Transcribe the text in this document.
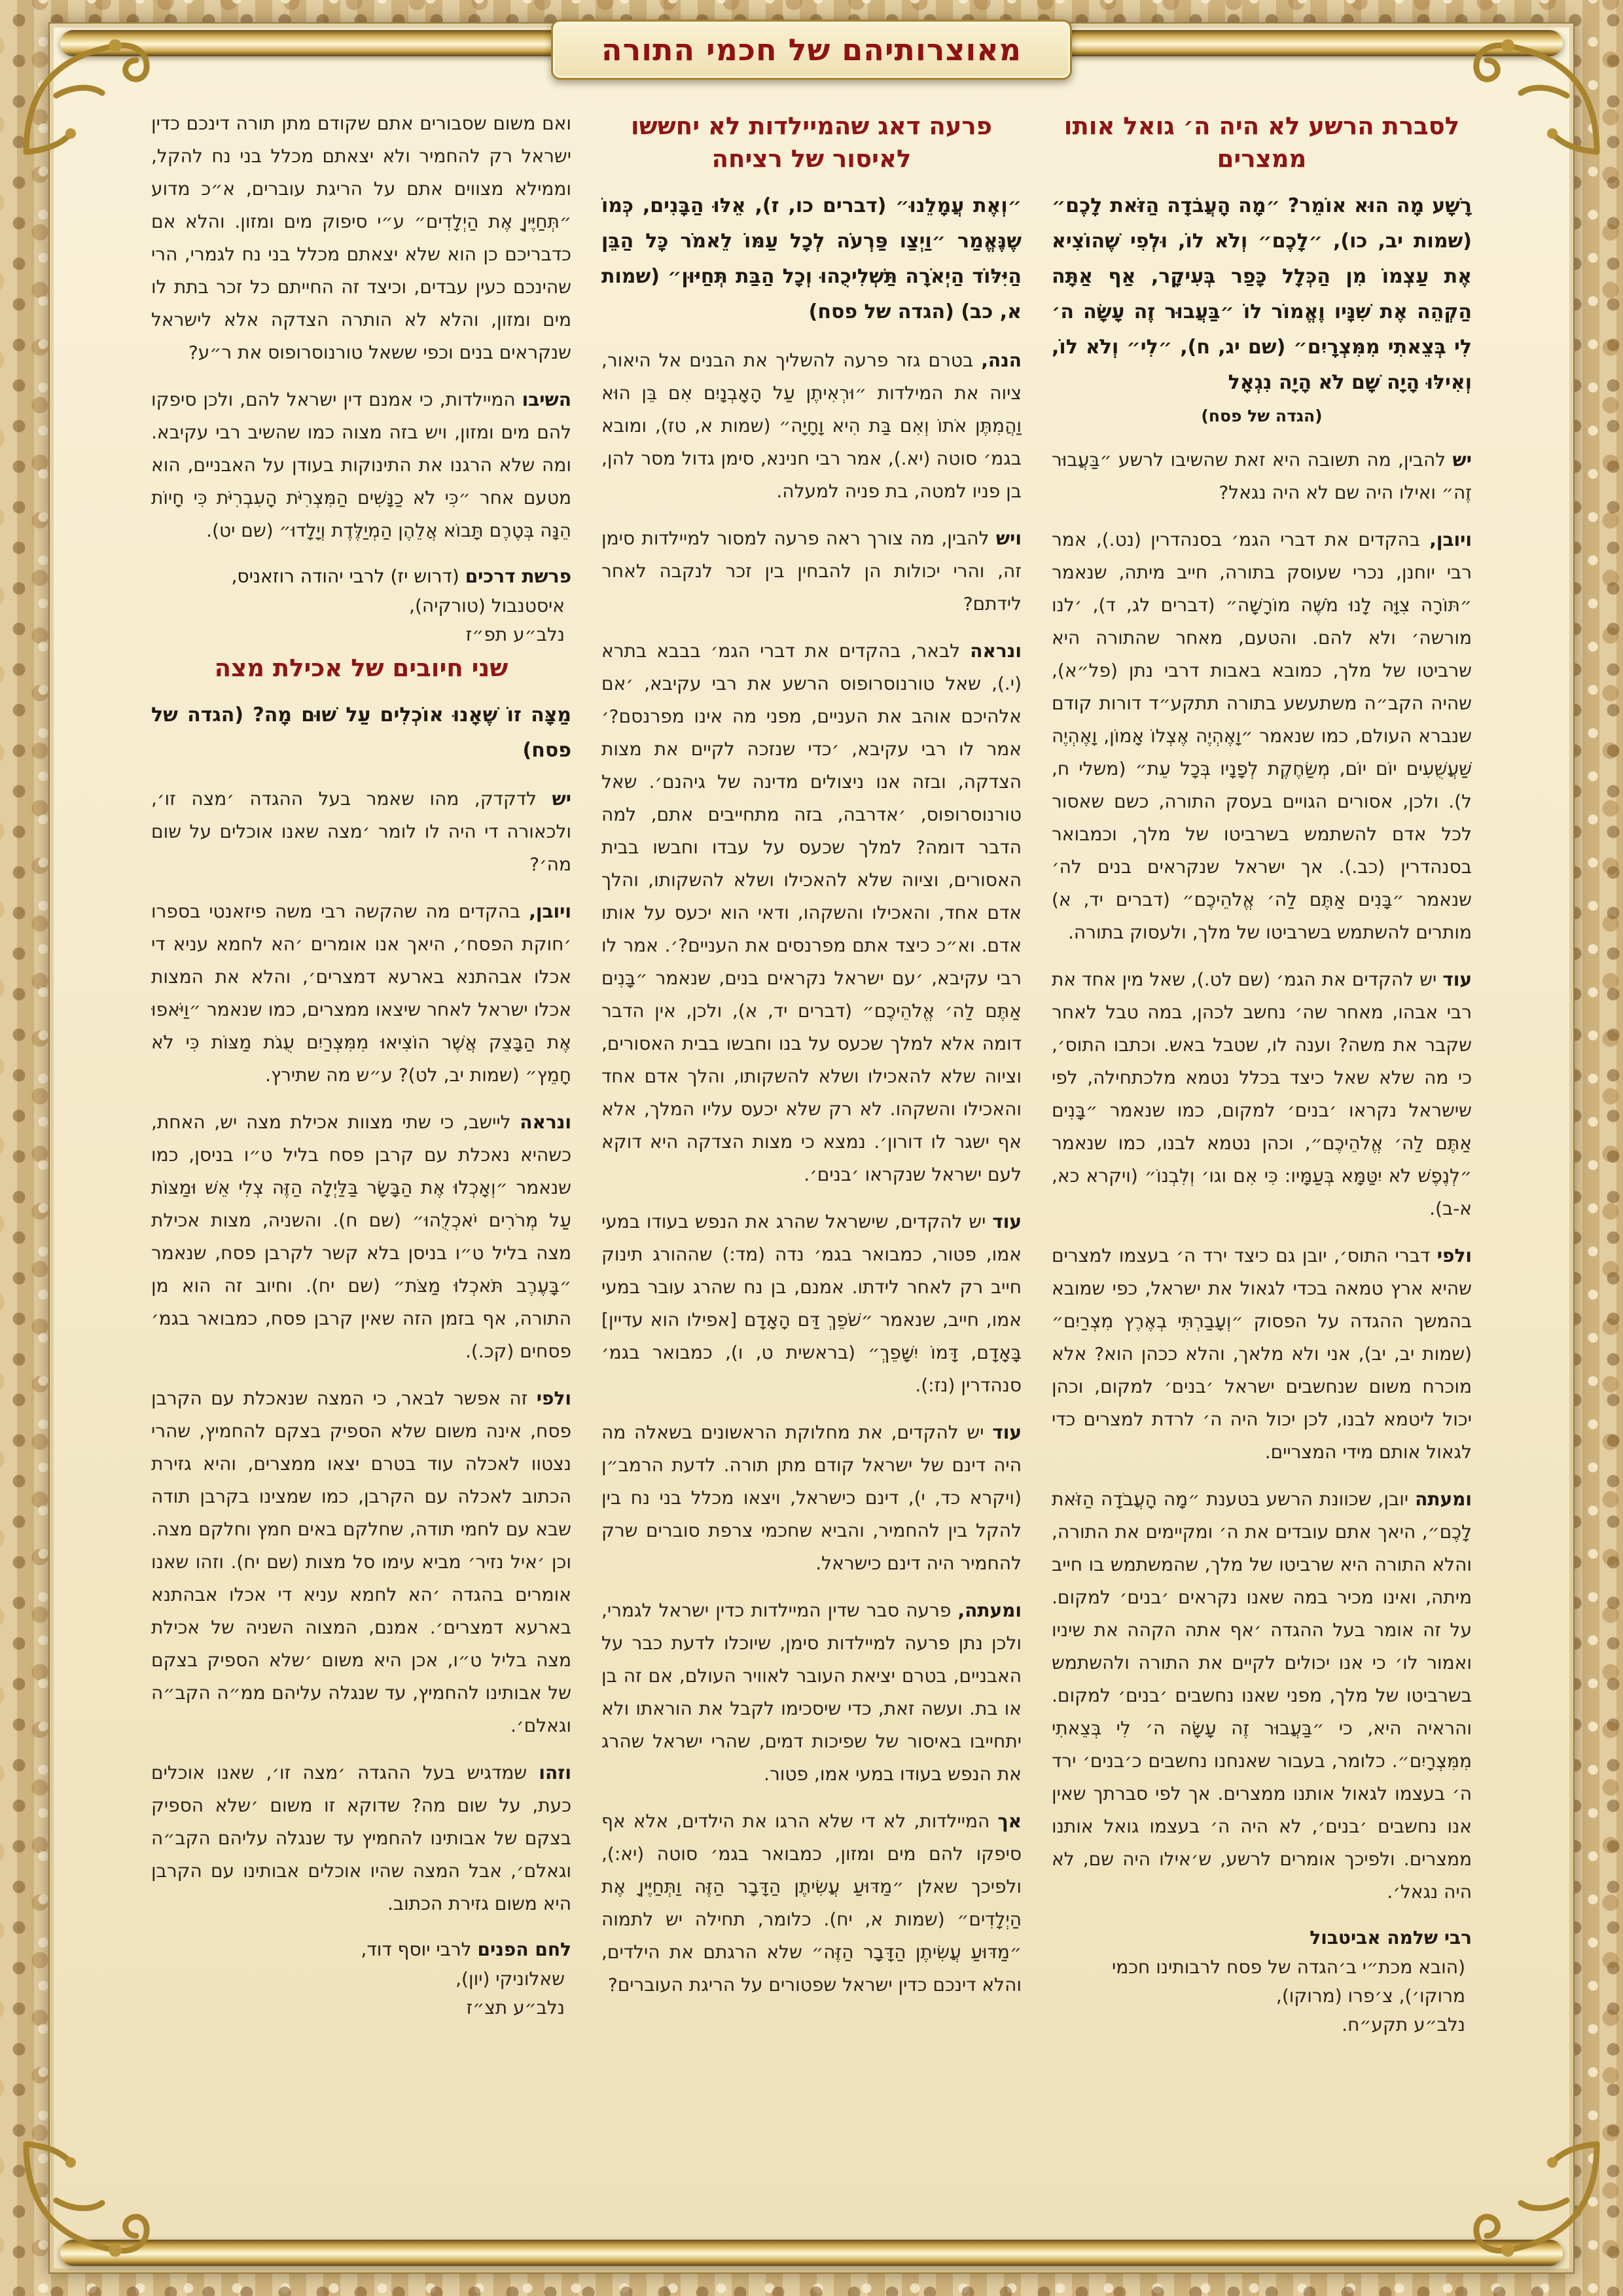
מאוצרותיהם של חכמי התורה
לסברת הרשע לא היה ה׳ גואל אותו ממצרים
רָשָׁע מָה הוּא אוֹמֵר? ״מָה הָעֲבֹדָה הַזֹּאת לָכֶם״ (שמות יב, כו), ״לָכֶם״ וְלֹא לוֹ, וּלְפִי שֶׁהוֹצִיא אֶת עַצְמוֹ מִן הַכְּלָל כָּפַר בְּעִיקָר, אַף אַתָּה הַקְהֵה אֶת שִׁנָּיו וֶאֱמוֹר לוֹ ״בַּעֲבוּר זֶה עָשָׂה ה׳ לִי בְּצֵאתִי מִמִּצְרָיִם״ (שם יג, ח), ״לִי״ וְלֹא לוֹ, וְאִילּוּ הָיָה שָׁם לֹא הָיָה נִגְאָל
(הגדה של פסח)
יש להבין, מה תשובה היא זאת שהשיבו לרשע ״בַּעֲבוּר זֶה״ ואילו היה שם לא היה נגאל?
ויובן, בהקדים את דברי הגמ׳ בסנהדרין (נט.), אמר רבי יוחנן, נכרי שעוסק בתורה, חייב מיתה, שנאמר ״תּוֹרָה צִוָּה לָנוּ מֹשֶׁה מוֹרָשָׁה״ (דברים לג, ד), ׳לנו מורשה׳ ולא להם. והטעם, מאחר שהתורה היא שרביטו של מלך, כמובא באבות דרבי נתן (פל״א), שהיה הקב״ה משתעשע בתורה תתקע״ד דורות קודם שנברא העולם, כמו שנאמר ״וָאֶהְיֶה אֶצְלוֹ אָמוֹן, וָאֶהְיֶה שַׁעֲשֻׁעִים יוֹם יוֹם, מְשַׂחֶקֶת לְפָנָיו בְּכָל עֵת״ (משלי ח, ל). ולכן, אסורים הגויים בעסק התורה, כשם שאסור לכל אדם להשתמש בשרביטו של מלך, וכמבואר בסנהדרין (כב.). אך ישראל שנקראים בנים לה׳ שנאמר ״בָּנִים אַתֶּם לַה׳ אֱלֹהֵיכֶם״ (דברים יד, א) מותרים להשתמש בשרביטו של מלך, ולעסוק בתורה.
עוד יש להקדים את הגמ׳ (שם לט.), שאל מין אחד את רבי אבהו, מאחר שה׳ נחשב לכהן, במה טבל לאחר שקבר את משה? וענה לו, שטבל באש. וכתבו התוס׳, כי מה שלא שאל כיצד בכלל נטמא מלכתחילה, לפי שישראל נקראו ׳בנים׳ למקום, כמו שנאמר ״בָּנִים אַתֶּם לַה׳ אֱלֹהֵיכֶם״, וכהן נטמא לבנו, כמו שנאמר ״לְנֶפֶשׁ לֹא יִטַּמָּא בְּעַמָּיו: כִּי אִם וגו׳ וְלִבְנוֹ״ (ויקרא כא, א-ב).
ולפי דברי התוס׳, יובן גם כיצד ירד ה׳ בעצמו למצרים שהיא ארץ טמאה בכדי לגאול את ישראל, כפי שמובא בהמשך ההגדה על הפסוק ״וְעָבַרְתִּי בְאֶרֶץ מִצְרַיִם״ (שמות יב, יב), אני ולא מלאך, והלא ככהן הוא? אלא מוכרח משום שנחשבים ישראל ׳בנים׳ למקום, וכהן יכול ליטמא לבנו, לכן יכול היה ה׳ לרדת למצרים כדי לגאול אותם מידי המצריים.
ומעתה יובן, שכוונת הרשע בטענת ״מָה הָעֲבֹדָה הַזֹּאת לָכֶם״, היאך אתם עובדים את ה׳ ומקיימים את התורה, והלא התורה היא שרביטו של מלך, שהמשתמש בו חייב מיתה, ואינו מכיר במה שאנו נקראים ׳בנים׳ למקום. על זה אומר בעל ההגדה ׳אף אתה הקהה את שיניו ואמור לו׳ כי אנו יכולים לקיים את התורה ולהשתמש בשרביטו של מלך, מפני שאנו נחשבים ׳בנים׳ למקום. והראיה היא, כי ״בַּעֲבוּר זֶה עָשָׂה ה׳ לִי בְּצֵאתִי מִמִּצְרָיִם״. כלומר, בעבור שאנחנו נחשבים כ׳בנים׳ ירד ה׳ בעצמו לגאול אותנו ממצרים. אך לפי סברתך שאין אנו נחשבים ׳בנים׳, לא היה ה׳ בעצמו גואל אותנו ממצרים. ולפיכך אומרים לרשע, ש׳אילו היה שם, לא היה נגאל׳.
רבי שלמה אביטבול
(הובא מכת״י ב׳הגדה של פסח לרבותינו חכמי מרוקו׳), צ׳פרו (מרוקו),
נלב״ע תקע״ח.
פרעה דאג שהמיילדות לא יחששו לאיסור של רציחה
״וְאֶת עֲמָלֵנוּ״ (דברים כו, ז), אֵלּוּ הַבָּנִים, כְּמוֹ שֶׁנֶּאֱמַר ״וַיְצַו פַּרְעֹה לְכָל עַמּוֹ לֵאמֹר כָּל הַבֵּן הַיִּלּוֹד הַיְאֹרָה תַּשְׁלִיכֻהוּ וְכָל הַבַּת תְּחַיּוּן״ (שמות א, כב) (הגדה של פסח)
הנה, בטרם גזר פרעה להשליך את הבנים אל היאור, ציוה את המילדות ״וּרְאִיתֶן עַל הָאָבְנָיִם אִם בֵּן הוּא וַהֲמִתֶּן אֹתוֹ וְאִם בַּת הִיא וָחָיָה״ (שמות א, טז), ומובא בגמ׳ סוטה (יא.), אמר רבי חנינא, סימן גדול מסר להן, בן פניו למטה, בת פניה למעלה.
ויש להבין, מה צורך ראה פרעה למסור למיילדות סימן זה, והרי יכולות הן להבחין בין זכר לנקבה לאחר לידתם?
ונראה לבאר, בהקדים את דברי הגמ׳ בבבא בתרא (י.), שאל טורנוסרופוס הרשע את רבי עקיבא, ׳אם אלהיכם אוהב את העניים, מפני מה אינו מפרנסם?׳ אמר לו רבי עקיבא, ׳כדי שנזכה לקיים את מצות הצדקה, ובזה אנו ניצולים מדינה של גיהנם׳. שאל טורנוסרופוס, ׳אדרבה, בזה מתחייבים אתם, למה הדבר דומה? למלך שכעס על עבדו וחבשו בבית האסורים, וציוה שלא להאכילו ושלא להשקותו, והלך אדם אחד, והאכילו והשקהו, ודאי הוא יכעס על אותו אדם. וא״כ כיצד אתם מפרנסים את העניים?׳. אמר לו רבי עקיבא, ׳עם ישראל נקראים בנים, שנאמר ״בָּנִים אַתֶּם לַה׳ אֱלֹהֵיכֶם״ (דברים יד, א), ולכן, אין הדבר דומה אלא למלך שכעס על בנו וחבשו בבית האסורים, וציוה שלא להאכילו ושלא להשקותו, והלך אדם אחד והאכילו והשקהו. לא רק שלא יכעס עליו המלך, אלא אף ישגר לו דורון׳. נמצא כי מצות הצדקה היא דוקא לעם ישראל שנקראו ׳בנים׳.
עוד יש להקדים, שישראל שהרג את הנפש בעודו במעי אמו, פטור, כמבואר בגמ׳ נדה (מד:) שההורג תינוק חייב רק לאחר לידתו. אמנם, בן נח שהרג עובר במעי אמו, חייב, שנאמר ״שֹׁפֵךְ דַּם הָאָדָם [אפילו הוא עדיין] בָּאָדָם, דָּמוֹ יִשָּׁפֵךְ״ (בראשית ט, ו), כמבואר בגמ׳ סנהדרין (נז:).
עוד יש להקדים, את מחלוקת הראשונים בשאלה מה היה דינם של ישראל קודם מתן תורה. לדעת הרמב״ן (ויקרא כד, י), דינם כישראל, ויצאו מכלל בני נח בין להקל בין להחמיר, והביא שחכמי צרפת סוברים שרק להחמיר היה דינם כישראל.
ומעתה, פרעה סבר שדין המיילדות כדין ישראל לגמרי, ולכן נתן פרעה למיילדות סימן, שיוכלו לדעת כבר על האבניים, בטרם יציאת העובר לאוויר העולם, אם זה בן או בת. ועשה זאת, כדי שיסכימו לקבל את הוראתו ולא יתחייבו באיסור של שפיכות דמים, שהרי ישראל שהרג את הנפש בעודו במעי אמו, פטור.
אך המיילדות, לא די שלא הרגו את הילדים, אלא אף סיפקו להם מים ומזון, כמבואר בגמ׳ סוטה (יא:), ולפיכך שאלן ״מַדּוּעַ עֲשִׂיתֶן הַדָּבָר הַזֶּה וַתְּחַיֶּיןָ אֶת הַיְלָדִים״ (שמות א, יח). כלומר, תחילה יש לתמוה ״מַדּוּעַ עֲשִׂיתֶן הַדָּבָר הַזֶּה״ שלא הרגתם את הילדים, והלא דינכם כדין ישראל שפטורים על הריגת העוברים?
ואם משום שסבורים אתם שקודם מתן תורה דינכם כדין ישראל רק להחמיר ולא יצאתם מכלל בני נח להקל, וממילא מצווים אתם על הריגת עוברים, א״כ מדוע ״תְּחַיֶּיןָ אֶת הַיְלָדִים״ ע״י סיפוק מים ומזון. והלא אם כדבריכם כן הוא שלא יצאתם מכלל בני נח לגמרי, הרי שהינכם כעין עבדים, וכיצד זה החייתם כל זכר בתת לו מים ומזון, והלא לא הותרה הצדקה אלא לישראל שנקראים בנים וכפי ששאל טורנוסרופוס את ר״ע?
השיבו המיילדות, כי אמנם דין ישראל להם, ולכן סיפקו להם מים ומזון, ויש בזה מצוה כמו שהשיב רבי עקיבא. ומה שלא הרגנו את התינוקות בעודן על האבניים, הוא מטעם אחר ״כִּי לֹא כַנָּשִׁים הַמִּצְרִיֹּת הָעִבְרִיֹּת כִּי חָיוֹת הֵנָּה בְּטֶרֶם תָּבוֹא אֲלֵהֶן הַמְיַלֶּדֶת וְיָלָדוּ״ (שם יט).
פרשת דרכים (דרוש יז) לרבי יהודה רוזאניס,
איסטנבול (טורקיה),
נלב״ע תפ״ז
שני חיובים של אכילת מצה
מַצָּה זוֹ שֶׁאָנוּ אוֹכְלִים עַל שׁוּם מָה? (הגדה של פסח)
יש לדקדק, מהו שאמר בעל ההגדה ׳מצה זו׳, ולכאורה די היה לו לומר ׳מצה שאנו אוכלים על שום מה׳?
ויובן, בהקדים מה שהקשה רבי משה פיזאנטי בספרו ׳חוקת הפסח׳, היאך אנו אומרים ׳הא לחמא עניא די אכלו אבהתנא בארעא דמצרים׳, והלא את המצות אכלו ישראל לאחר שיצאו ממצרים, כמו שנאמר ״וַיֹּאפוּ אֶת הַבָּצֵק אֲשֶׁר הוֹצִיאוּ מִמִּצְרַיִם עֻגֹת מַצּוֹת כִּי לֹא חָמֵץ״ (שמות יב, לט)? ע״ש מה שתירץ.
ונראה ליישב, כי שתי מצוות אכילת מצה יש, האחת, כשהיא נאכלת עם קרבן פסח בליל ט״ו בניסן, כמו שנאמר ״וְאָכְלוּ אֶת הַבָּשָׂר בַּלַּיְלָה הַזֶּה צְלִי אֵשׁ וּמַצּוֹת עַל מְרֹרִים יֹאכְלֻהוּ״ (שם ח). והשניה, מצות אכילת מצה בליל ט״ו בניסן בלא קשר לקרבן פסח, שנאמר ״בָּעֶרֶב תֹּאכְלוּ מַצֹּת״ (שם יח). וחיוב זה הוא מן התורה, אף בזמן הזה שאין קרבן פסח, כמבואר בגמ׳ פסחים (קכ.).
ולפי זה אפשר לבאר, כי המצה שנאכלת עם הקרבן פסח, אינה משום שלא הספיק בצקם להחמיץ, שהרי נצטוו לאכלה עוד בטרם יצאו ממצרים, והיא גזירת הכתוב לאכלה עם הקרבן, כמו שמצינו בקרבן תודה שבא עם לחמי תודה, שחלקם באים חמץ וחלקם מצה. וכן ׳איל נזיר׳ מביא עימו סל מצות (שם יח). וזהו שאנו אומרים בהגדה ׳הא לחמא עניא די אכלו אבהתנא בארעא דמצרים׳. אמנם, המצוה השניה של אכילת מצה בליל ט״ו, אכן היא משום ׳שלא הספיק בצקם של אבותינו להחמיץ, עד שנגלה עליהם ממ״ה הקב״ה וגאלם׳.
וזהו שמדגיש בעל ההגדה ׳מצה זו׳, שאנו אוכלים כעת, על שום מה? שדוקא זו משום ׳שלא הספיק בצקם של אבותינו להחמיץ עד שנגלה עליהם הקב״ה וגאלם׳, אבל המצה שהיו אוכלים אבותינו עם הקרבן היא משום גזירת הכתוב.
לחם הפנים לרבי יוסף דוד,
שאלוניקי (יון),
נלב״ע תצ״ז
